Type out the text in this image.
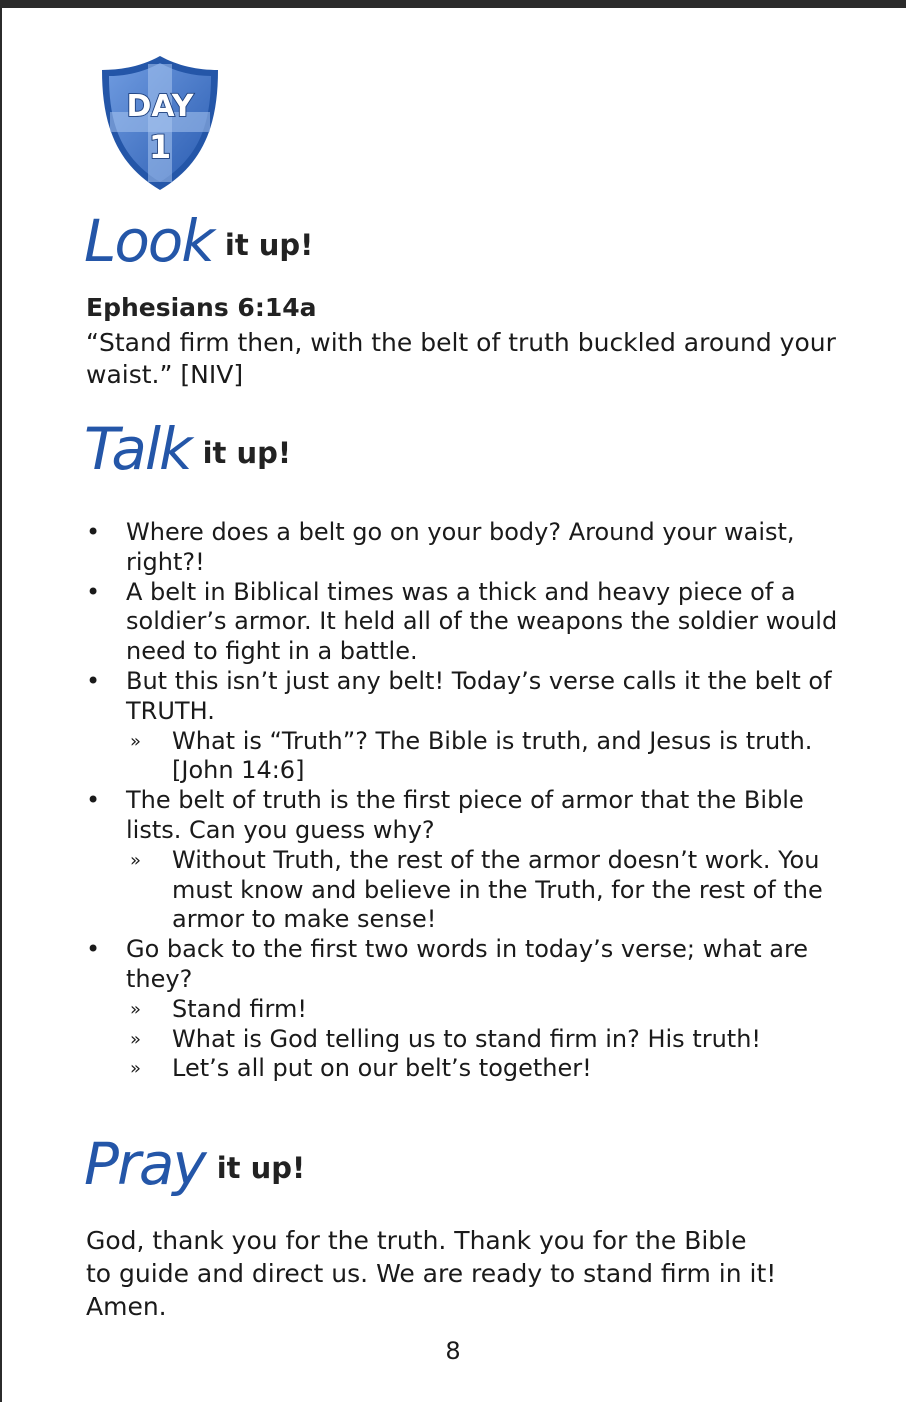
DAY
1
Look it up!
Ephesians 6:14a
“Stand firm then, with the belt of truth buckled around your
waist.” [NIV]
Talk it up!
• Where does a belt go on your body? Around your waist, right?!
• A belt in Biblical times was a thick and heavy piece of a soldier’s armor. It held all of the weapons the soldier would need to fight in a battle.
• But this isn’t just any belt! Today’s verse calls it the belt of TRUTH.
» What is “Truth”? The Bible is truth, and Jesus is truth.[John 14:6]
• The belt of truth is the first piece of armor that the Bible lists. Can you guess why?
» Without Truth, the rest of the armor doesn’t work. You must know and believe in the Truth, for the rest of the armor to make sense!
• Go back to the first two words in today’s verse; what are they?
» Stand firm!
» What is God telling us to stand firm in? His truth!
» Let’s all put on our belt’s together!
Pray it up!
God, thank you for the truth. Thank you for the Bible
to guide and direct us. We are ready to stand firm in it!
Amen.
8
